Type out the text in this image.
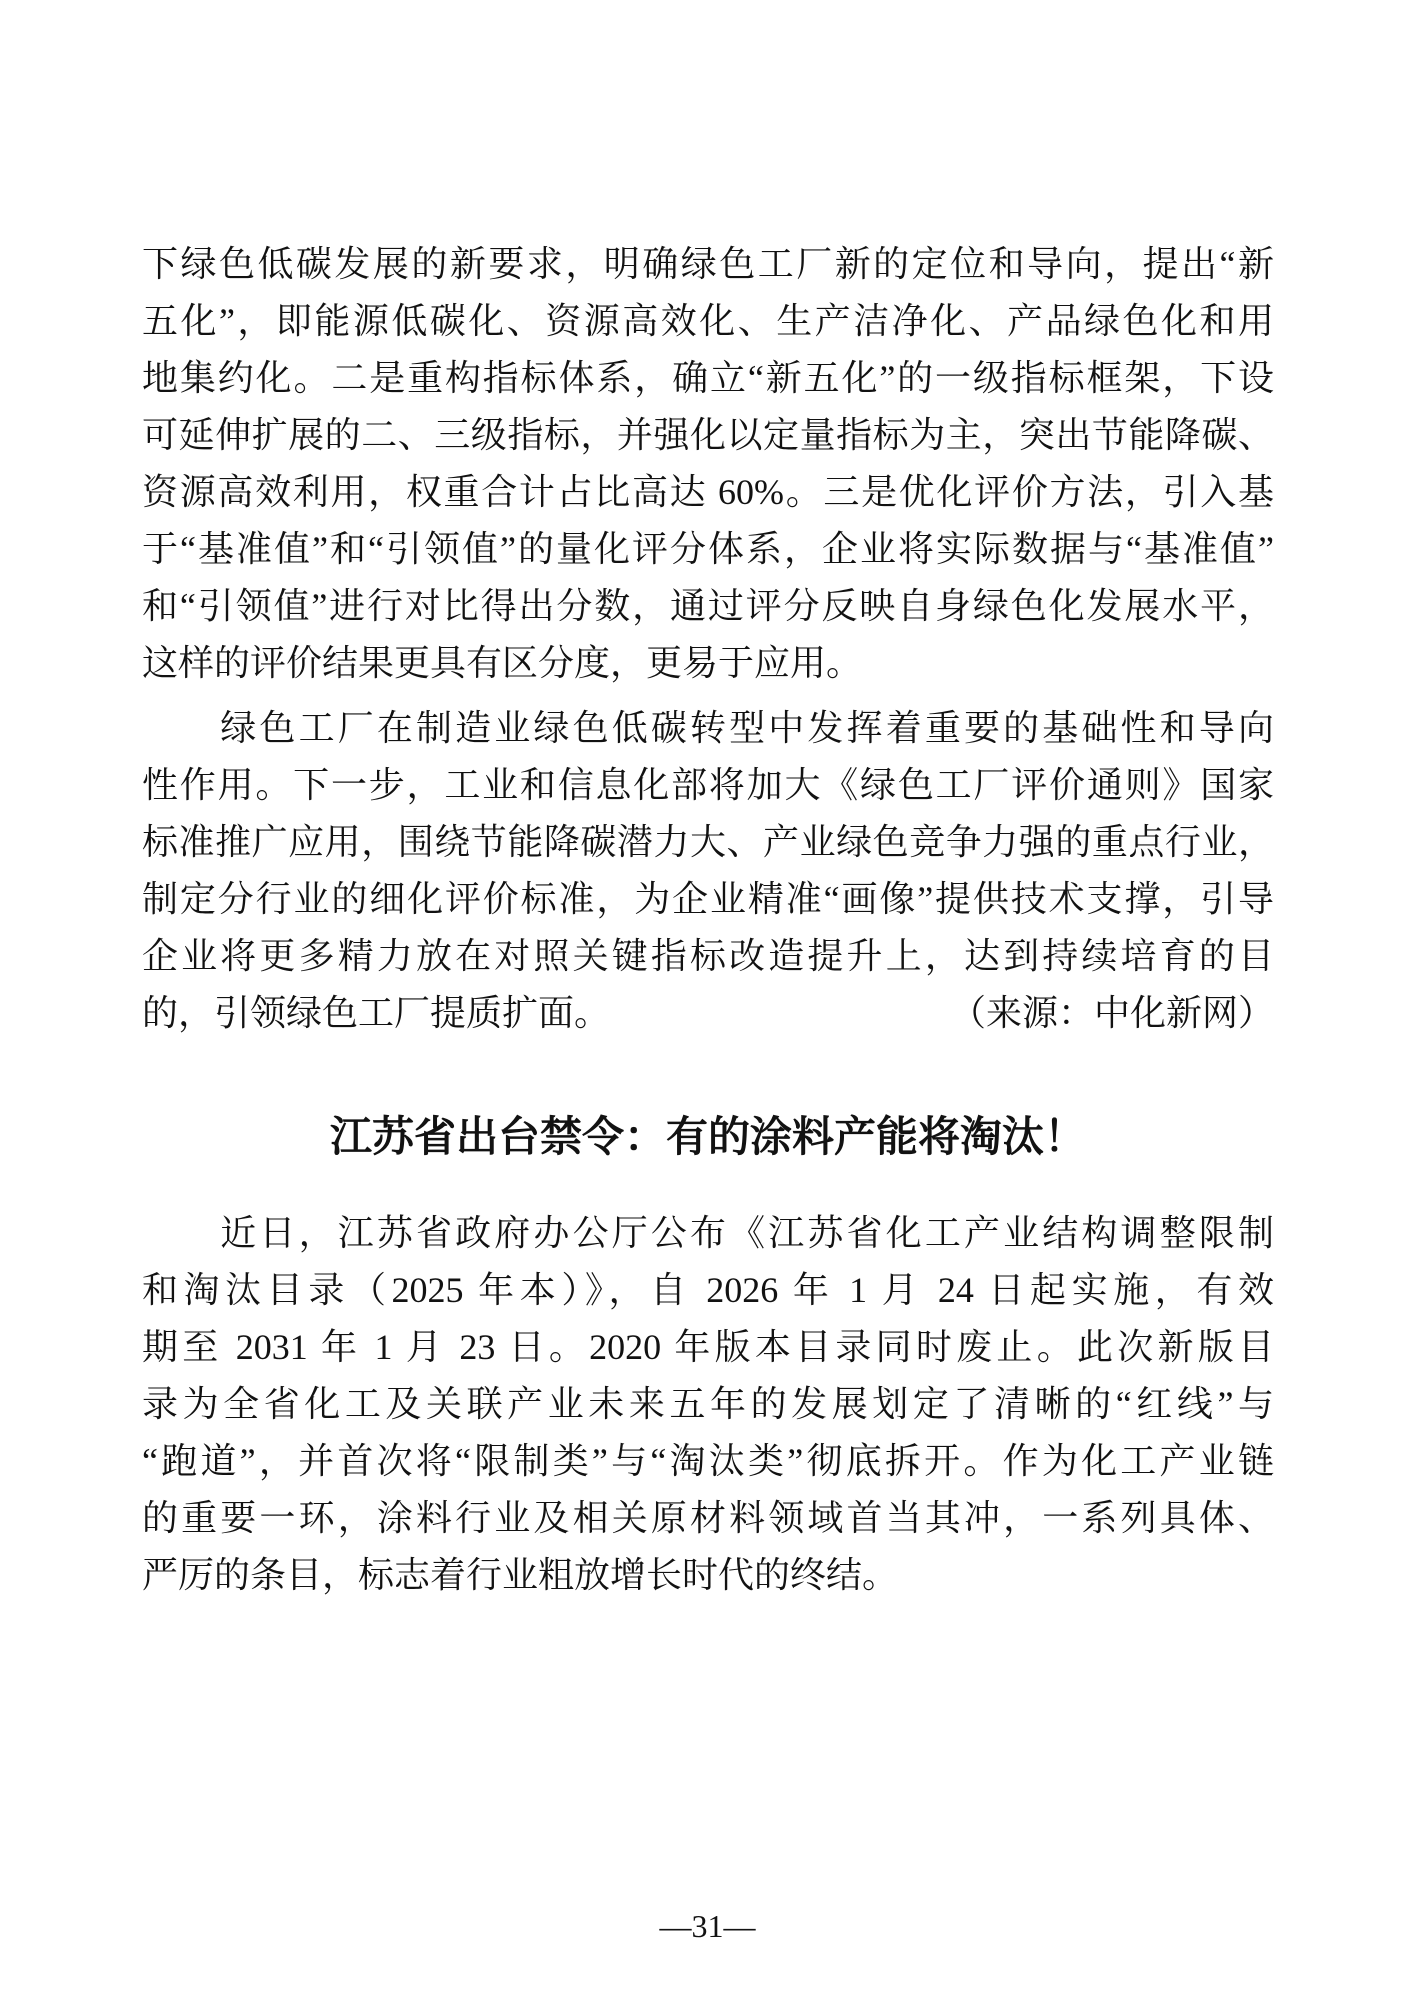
下绿色低碳发展的新要求，明确绿色工厂新的定位和导向，提出“新
五化”，即能源低碳化、资源高效化、生产洁净化、产品绿色化和用
地集约化。二是重构指标体系，确立“新五化”的一级指标框架，下设
可延伸扩展的二、三级指标，并强化以定量指标为主，突出节能降碳、
资源高效利用，权重合计占比高达 60%。三是优化评价方法，引入基
于“基准值”和“引领值”的量化评分体系，企业将实际数据与“基准值”
和“引领值”进行对比得出分数，通过评分反映自身绿色化发展水平，
这样的评价结果更具有区分度，更易于应用。
　　绿色工厂在制造业绿色低碳转型中发挥着重要的基础性和导向
性作用。下一步，工业和信息化部将加大《绿色工厂评价通则》国家
标准推广应用，围绕节能降碳潜力大、产业绿色竞争力强的重点行业，
制定分行业的细化评价标准，为企业精准“画像”提供技术支撑，引导
企业将更多精力放在对照关键指标改造提升上，达到持续培育的目
的，引领绿色工厂提质扩面。	（来源：中化新网）
江苏省出台禁令：有的涂料产能将淘汰！
　　近日，江苏省政府办公厅公布《江苏省化工产业结构调整限制
和淘汰目录（2025 年本）》，自 2026 年 1 月 24 日起实施，有效
期至 2031 年 1 月 23 日。2020 年版本目录同时废止。此次新版目
录为全省化工及关联产业未来五年的发展划定了清晰的“红线”与
“跑道”，并首次将“限制类”与“淘汰类”彻底拆开。作为化工产业链
的重要一环，涂料行业及相关原材料领域首当其冲，一系列具体、
严厉的条目，标志着行业粗放增长时代的终结。
—31—
